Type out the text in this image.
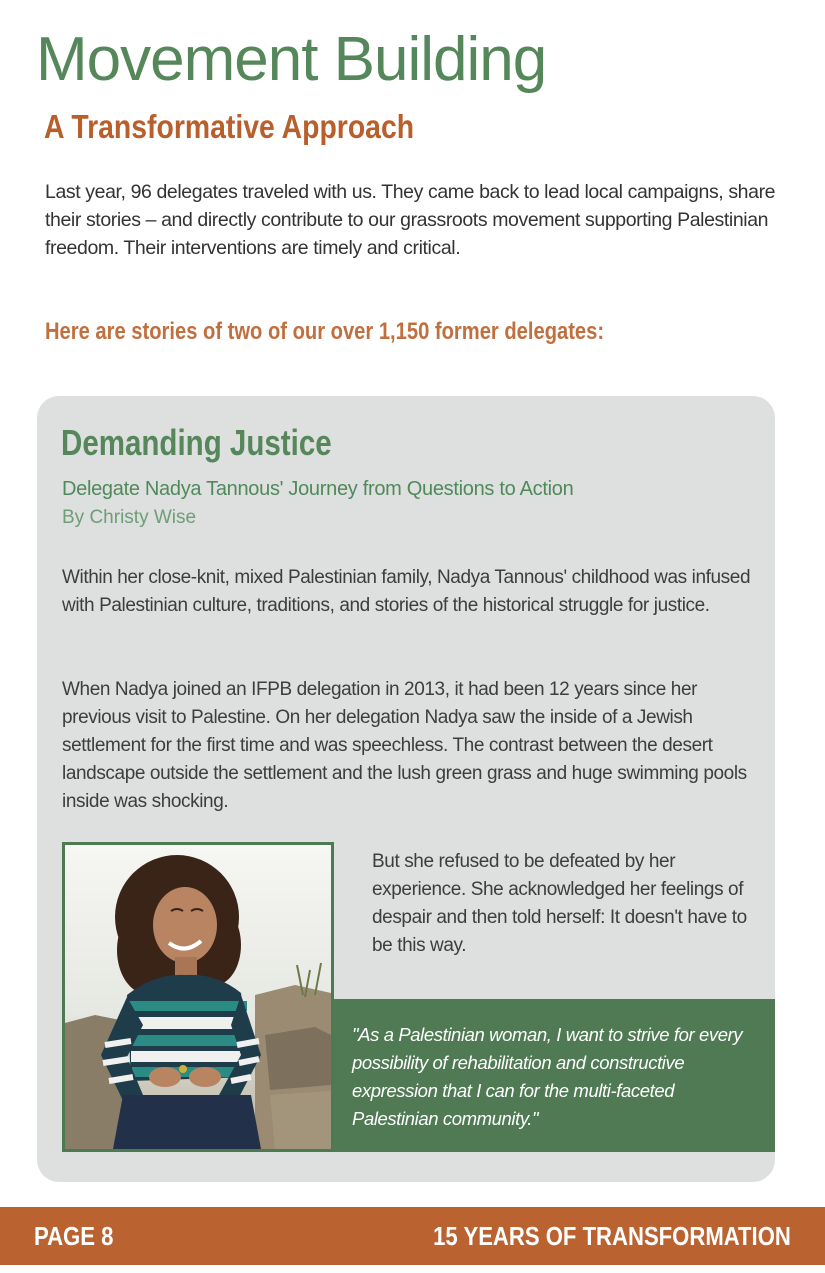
Movement Building
A Transformative Approach

Last year, 96 delegates traveled with us. They came back to lead local campaigns, share their stories – and directly contribute to our grassroots movement supporting Palestinian freedom. Their interventions are timely and critical.

Here are stories of two of our over 1,150 former delegates:
Demanding Justice
Delegate Nadya Tannous' Journey from Questions to Action
By Christy Wise

Within her close-knit, mixed Palestinian family, Nadya Tannous' childhood was infused with Palestinian culture, traditions, and stories of the historical struggle for justice.

When Nadya joined an IFPB delegation in 2013, it had been 12 years since her previous visit to Palestine. On her delegation Nadya saw the inside of a Jewish settlement for the first time and was speechless. The contrast between the desert landscape outside the settlement and the lush green grass and huge swimming pools inside was shocking.

But she refused to be defeated by her experience. She acknowledged her feelings of despair and then told herself: It doesn't have to be this way.

"As a Palestinian woman, I want to strive for every possibility of rehabilitation and constructive expression that I can for the multi-faceted Palestinian community."

PAGE 8	15 YEARS OF TRANSFORMATION
